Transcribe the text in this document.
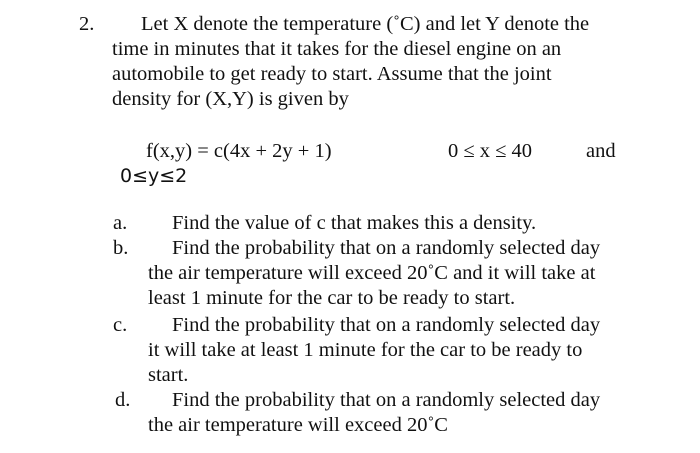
2. Let X denote the temperature (˚C) and let Y denote the
time in minutes that it takes for the diesel engine on an
automobile to get ready to start. Assume that the joint
density for (X,Y) is given by
f(x,y) = c(4x + 2y + 1)	0 ≤ x ≤ 40	and
0≤y≤2
a. Find the value of c that makes this a density.
b. Find the probability that on a randomly selected day
the air temperature will exceed 20˚C and it will take at
least 1 minute for the car to be ready to start.
c. Find the probability that on a randomly selected day
it will take at least 1 minute for the car to be ready to
start.
d. Find the probability that on a randomly selected day
the air temperature will exceed 20˚C
